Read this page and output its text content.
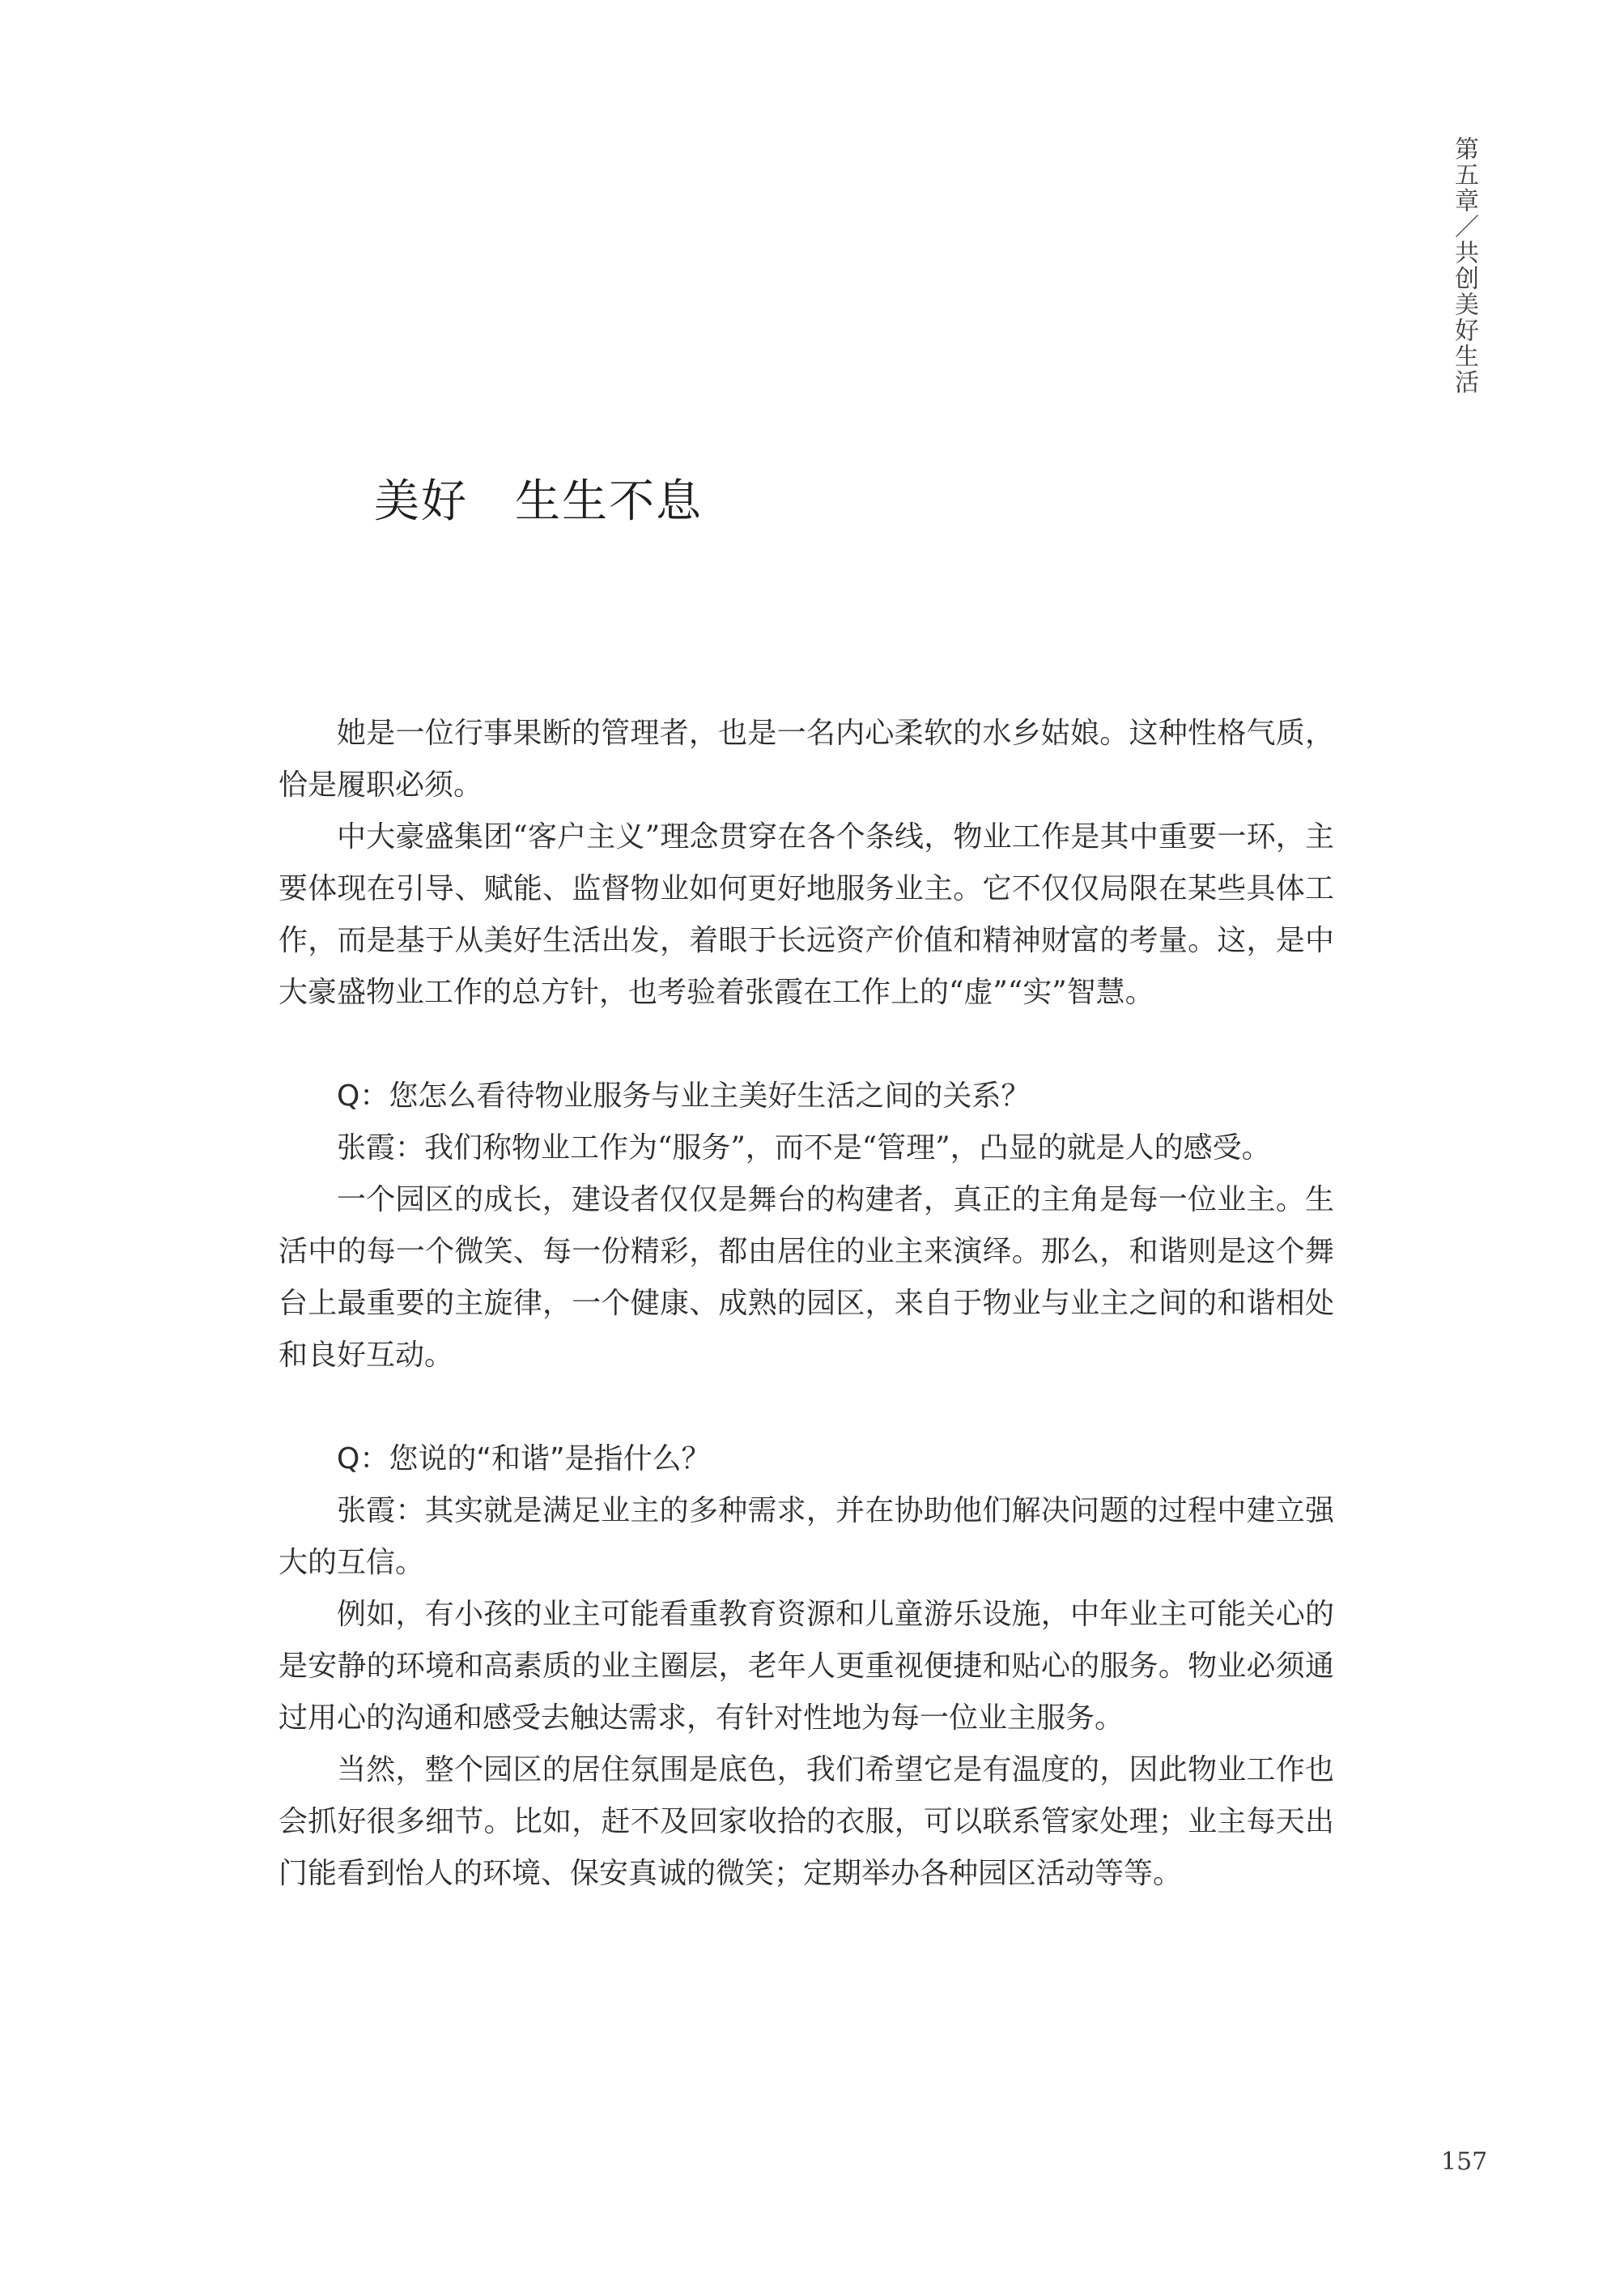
第五章／共创美好生活
美好　生生不息

她是一位行事果断的管理者，也是一名内心柔软的水乡姑娘。这种性格气质，恰是履职必须。

中大豪盛集团“客户主义”理念贯穿在各个条线，物业工作是其中重要一环，主要体现在引导、赋能、监督物业如何更好地服务业主。它不仅仅局限在某些具体工作，而是基于从美好生活出发，着眼于长远资产价值和精神财富的考量。这，是中大豪盛物业工作的总方针，也考验着张霞在工作上的“虚”“实”智慧。

Q：您怎么看待物业服务与业主美好生活之间的关系？

张霞：我们称物业工作为“服务”，而不是“管理”，凸显的就是人的感受。

一个园区的成长，建设者仅仅是舞台的构建者，真正的主角是每一位业主。生活中的每一个微笑、每一份精彩，都由居住的业主来演绎。那么，和谐则是这个舞台上最重要的主旋律，一个健康、成熟的园区，来自于物业与业主之间的和谐相处和良好互动。

Q：您说的“和谐”是指什么？

张霞：其实就是满足业主的多种需求，并在协助他们解决问题的过程中建立强大的互信。

例如，有小孩的业主可能看重教育资源和儿童游乐设施，中年业主可能关心的是安静的环境和高素质的业主圈层，老年人更重视便捷和贴心的服务。物业必须通过用心的沟通和感受去触达需求，有针对性地为每一位业主服务。

当然，整个园区的居住氛围是底色，我们希望它是有温度的，因此物业工作也会抓好很多细节。比如，赶不及回家收拾的衣服，可以联系管家处理；业主每天出门能看到怡人的环境、保安真诚的微笑；定期举办各种园区活动等等。

157
